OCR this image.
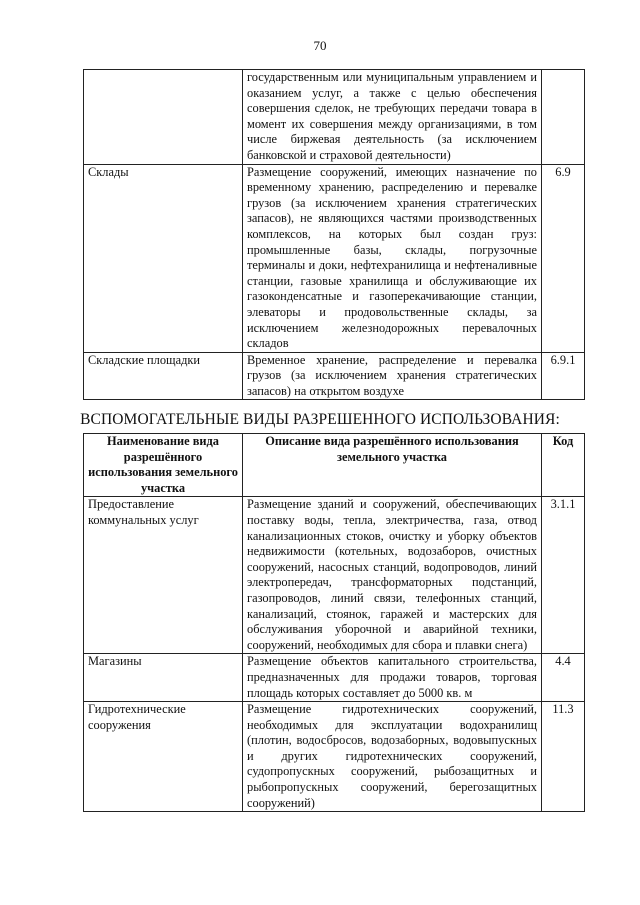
70
	государственным или муниципальным управлением и оказанием услуг, а также с целью обеспечения совершения сделок, не требующих передачи товара в момент их совершения между организациями, в том числе биржевая деятельность (за исключением банковской и страховой деятельности)	
Склады	Размещение сооружений, имеющих назначение по временному хранению, распределению и перевалке грузов (за исключением хранения стратегических запасов), не являющихся частями производственных комплексов, на которых был создан груз: промышленные базы, склады, погрузочные терминалы и доки, нефтехранилища и нефтеналивные станции, газовые хранилища и обслуживающие их газоконденсатные и газоперекачивающие станции, элеваторы и продовольственные склады, за исключением железнодорожных перевалочных складов	6.9
Складские площадки	Временное хранение, распределение и перевалка грузов (за исключением хранения стратегических запасов) на открытом воздухе	6.9.1
ВСПОМОГАТЕЛЬНЫЕ ВИДЫ РАЗРЕШЕННОГО ИСПОЛЬЗОВАНИЯ:
Наименование вида разрешённого использования земельного участка	Описание вида разрешённого использования земельного участка	Код
Предоставление коммунальных услуг	Размещение зданий и сооружений, обеспечивающих поставку воды, тепла, электричества, газа, отвод канализационных стоков, очистку и уборку объектов недвижимости (котельных, водозаборов, очистных сооружений, насосных станций, водопроводов, линий электропередач, трансформаторных подстанций, газопроводов, линий связи, телефонных станций, канализаций, стоянок, гаражей и мастерских для обслуживания уборочной и аварийной техники, сооружений, необходимых для сбора и плавки снега)	3.1.1
Магазины	Размещение объектов капитального строительства, предназначенных для продажи товаров, торговая площадь которых составляет до 5000 кв. м	4.4
Гидротехнические сооружения	Размещение гидротехнических сооружений, необходимых для эксплуатации водохранилищ (плотин, водосбросов, водозаборных, водовыпускных и других гидротехнических сооружений, судопропускных сооружений, рыбозащитных и рыбопропускных сооружений, берегозащитных сооружений)	11.3
